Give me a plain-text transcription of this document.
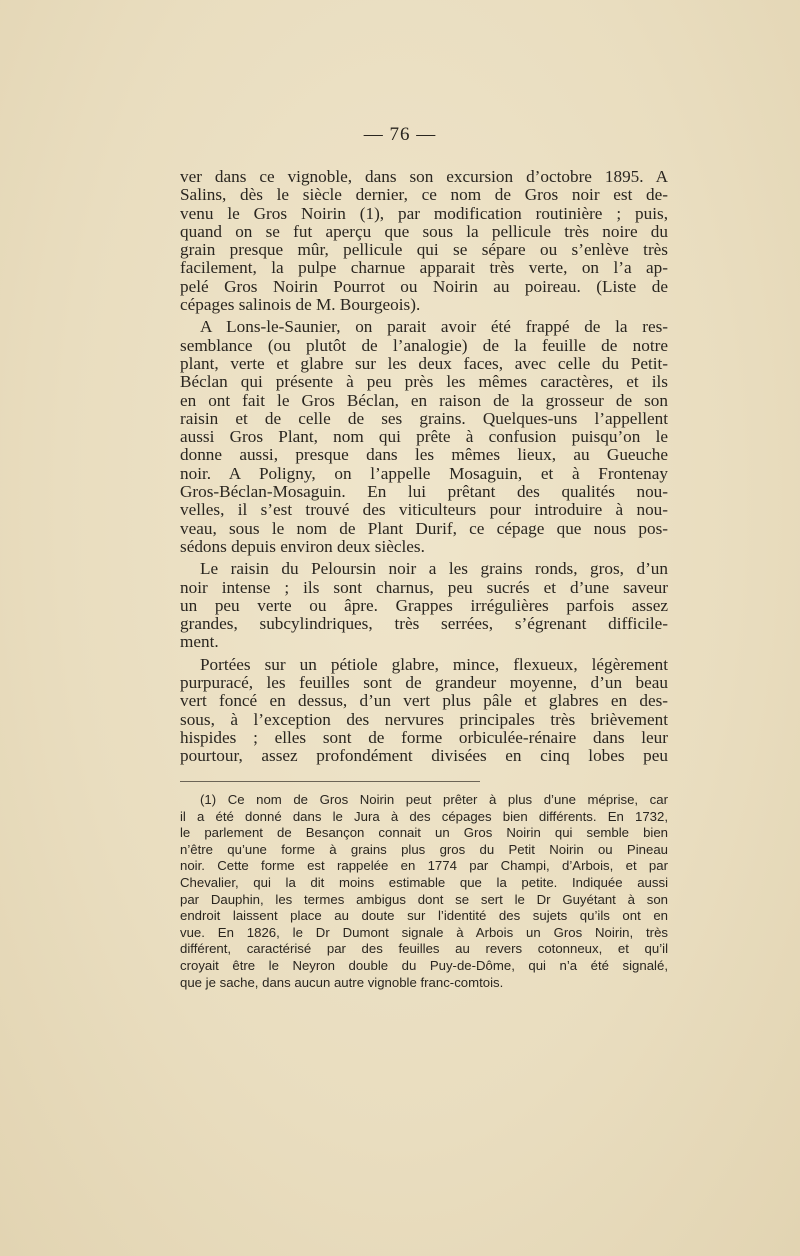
— 76 —
ver dans ce vignoble, dans son excursion d’octobre 1895. A
Salins, dès le siècle dernier, ce nom de Gros noir est de-
venu le Gros Noirin (1), par modification routinière ; puis,
quand on se fut aperçu que sous la pellicule très noire du
grain presque mûr, pellicule qui se sépare ou s’enlève très
facilement, la pulpe charnue apparait très verte, on l’a ap-
pelé Gros Noirin Pourrot ou Noirin au poireau. (Liste de
cépages salinois de M. Bourgeois).
A Lons-le-Saunier, on parait avoir été frappé de la res-
semblance (ou plutôt de l’analogie) de la feuille de notre
plant, verte et glabre sur les deux faces, avec celle du Petit-
Béclan qui présente à peu près les mêmes caractères, et ils
en ont fait le Gros Béclan, en raison de la grosseur de son
raisin et de celle de ses grains. Quelques-uns l’appellent
aussi Gros Plant, nom qui prête à confusion puisqu’on le
donne aussi, presque dans les mêmes lieux, au Gueuche
noir. A Poligny, on l’appelle Mosaguin, et à Frontenay
Gros-Béclan-Mosaguin. En lui prêtant des qualités nou-
velles, il s’est trouvé des viticulteurs pour introduire à nou-
veau, sous le nom de Plant Durif, ce cépage que nous pos-
sédons depuis environ deux siècles.
Le raisin du Peloursin noir a les grains ronds, gros, d’un
noir intense ; ils sont charnus, peu sucrés et d’une saveur
un peu verte ou âpre. Grappes irrégulières parfois assez
grandes, subcylindriques, très serrées, s’égrenant difficile-
ment.
Portées sur un pétiole glabre, mince, flexueux, légèrement
purpuracé, les feuilles sont de grandeur moyenne, d’un beau
vert foncé en dessus, d’un vert plus pâle et glabres en des-
sous, à l’exception des nervures principales très brièvement
hispides ; elles sont de forme orbiculée-rénaire dans leur
pourtour, assez profondément divisées en cinq lobes peu
(1) Ce nom de Gros Noirin peut prêter à plus d’une méprise, car
il a été donné dans le Jura à des cépages bien différents. En 1732,
le parlement de Besançon connait un Gros Noirin qui semble bien
n’être qu’une forme à grains plus gros du Petit Noirin ou Pineau
noir. Cette forme est rappelée en 1774 par Champi, d’Arbois, et par
Chevalier, qui la dit moins estimable que la petite. Indiquée aussi
par Dauphin, les termes ambigus dont se sert le Dr Guyétant à son
endroit laissent place au doute sur l’identité des sujets qu’ils ont en
vue. En 1826, le Dr Dumont signale à Arbois un Gros Noirin, très
différent, caractérisé par des feuilles au revers cotonneux, et qu’il
croyait être le Neyron double du Puy-de-Dôme, qui n’a été signalé,
que je sache, dans aucun autre vignoble franc-comtois.
